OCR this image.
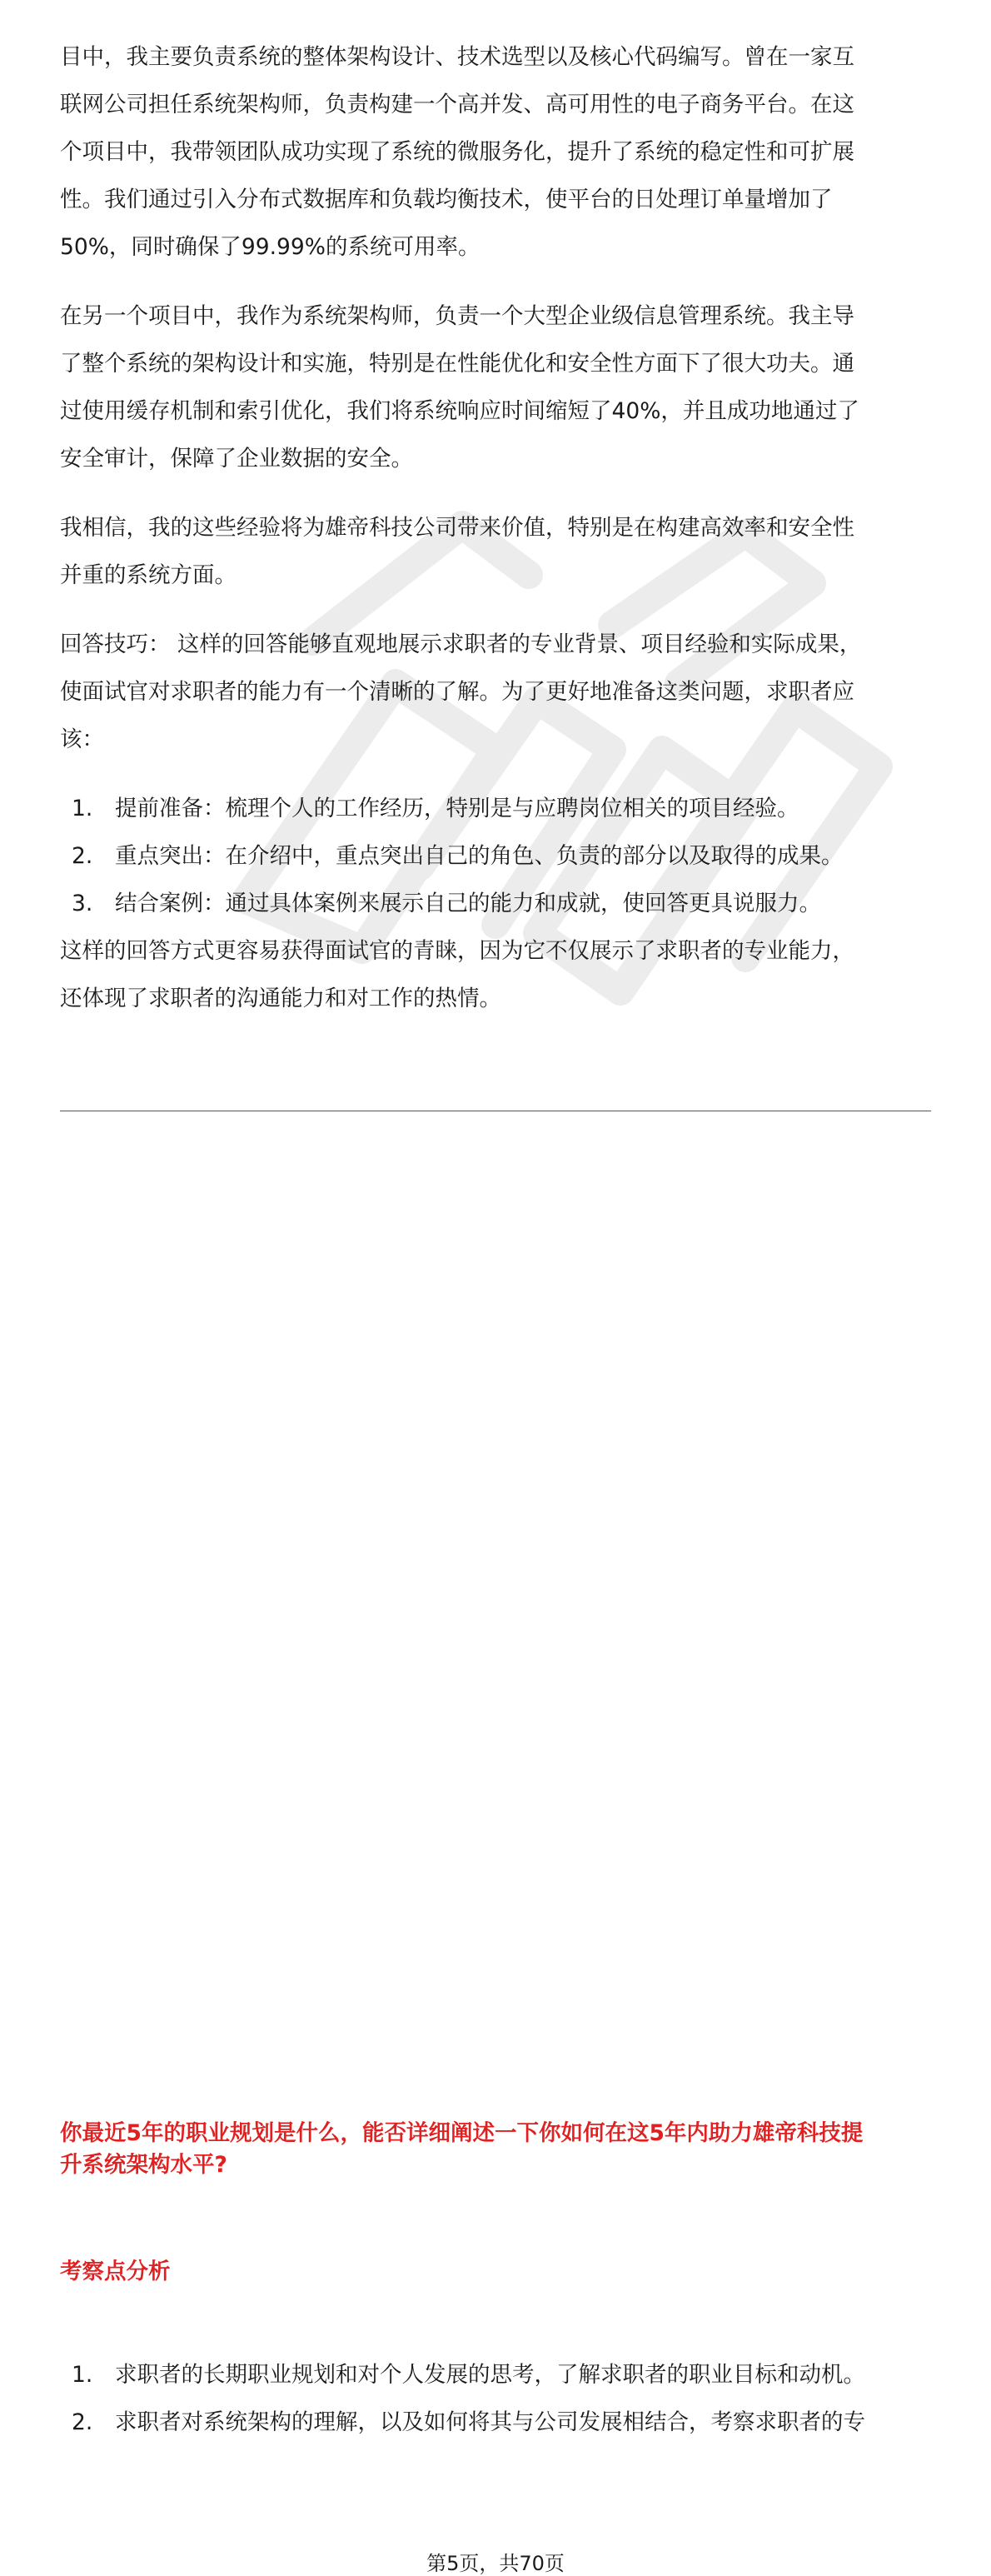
目中，我主要负责系统的整体架构设计、技术选型以及核心代码编写。曾在一家互
联网公司担任系统架构师，负责构建一个高并发、高可用性的电子商务平台。在这
个项目中，我带领团队成功实现了系统的微服务化，提升了系统的稳定性和可扩展
性。我们通过引入分布式数据库和负载均衡技术，使平台的日处理订单量增加了
50%，同时确保了99.99%的系统可用率。

在另一个项目中，我作为系统架构师，负责一个大型企业级信息管理系统。我主导
了整个系统的架构设计和实施，特别是在性能优化和安全性方面下了很大功夫。通
过使用缓存机制和索引优化，我们将系统响应时间缩短了40%，并且成功地通过了
安全审计，保障了企业数据的安全。

我相信，我的这些经验将为雄帝科技公司带来价值，特别是在构建高效率和安全性
并重的系统方面。

回答技巧： 这样的回答能够直观地展示求职者的专业背景、项目经验和实际成果，
使面试官对求职者的能力有一个清晰的了解。为了更好地准备这类问题，求职者应
该：

1.	提前准备：梳理个人的工作经历，特别是与应聘岗位相关的项目经验。
2.	重点突出：在介绍中，重点突出自己的角色、负责的部分以及取得的成果。
3.	结合案例：通过具体案例来展示自己的能力和成就，使回答更具说服力。

这样的回答方式更容易获得面试官的青睐，因为它不仅展示了求职者的专业能力，
还体现了求职者的沟通能力和对工作的热情。

你最近5年的职业规划是什么，能否详细阐述一下你如何在这5年内助力雄帝科技提
升系统架构水平?

考察点分析

1.	求职者的长期职业规划和对个人发展的思考，了解求职者的职业目标和动机。
2.	求职者对系统架构的理解，以及如何将其与公司发展相结合，考察求职者的专
第5页，共70页
